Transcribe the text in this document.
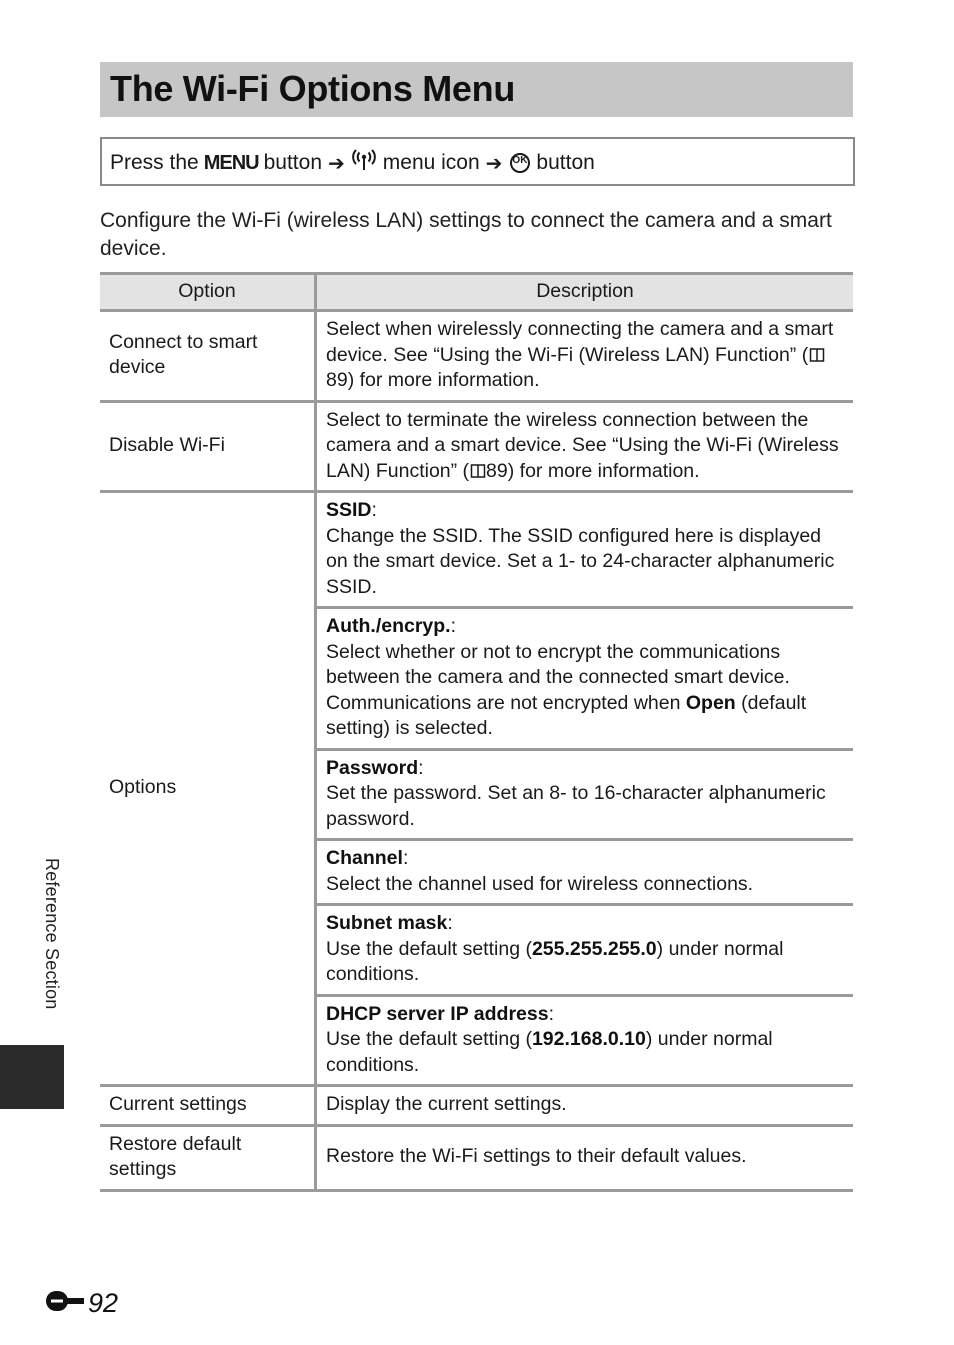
The Wi-Fi Options Menu
Press the MENU button ➔ menu icon ➔ OK button
Configure the Wi-Fi (wireless LAN) settings to connect the camera and a smart device.
Option	Description
Connect to smart device	Select when wirelessly connecting the camera and a smart device. See “Using the Wi-Fi (Wireless LAN) Function” (89) for more information.
Disable Wi-Fi	Select to terminate the wireless connection between the camera and a smart device. See “Using the Wi-Fi (Wireless LAN) Function” ( 89) for more information.
Options	SSID:
Change the SSID. The SSID configured here is displayed on the smart device. Set a 1- to 24-character alphanumeric SSID.
	Auth./encryp.:
Select whether or not to encrypt the communications between the camera and the connected smart device. Communications are not encrypted when Open (default setting) is selected.
	Password:
Set the password. Set an 8- to 16-character alphanumeric password.
	Channel:
Select the channel used for wireless connections.
	Subnet mask:
Use the default setting (255.255.255.0) under normal conditions.
	DHCP server IP address:
Use the default setting (192.168.0.10) under normal conditions.
Current settings	Display the current settings.
Restore default settings	Restore the Wi-Fi settings to their default values.
Reference Section
92
